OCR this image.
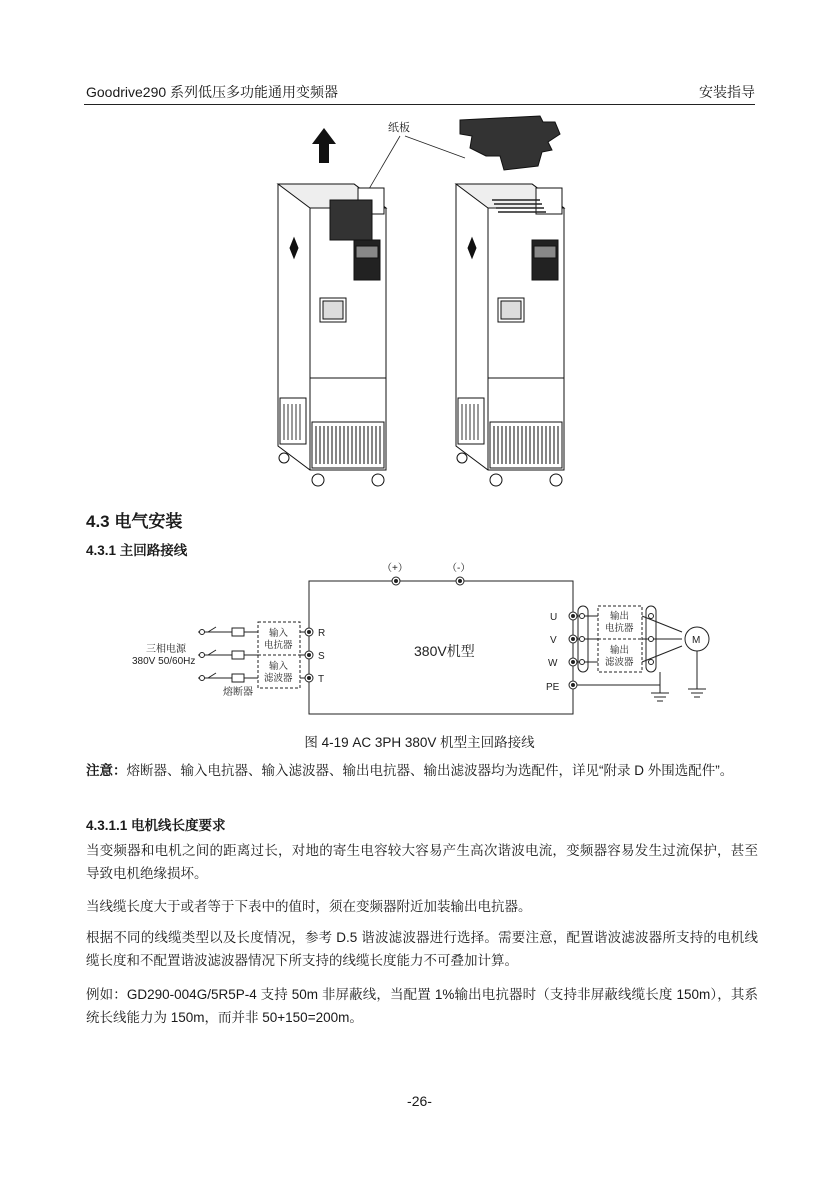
Goodrive290 系列低压多功能通用变频器	安装指导
纸板
4.3 电气安装
4.3.1 主回路接线
（+）	（-）
380V机型
三相电源
380V 50/60Hz
熔断器
输入
电抗器
输入
滤波器
R
S
T
U
V
W
PE
输出
电抗器
输出
滤波器
M
图 4-19 AC 3PH 380V 机型主回路接线
注意：熔断器、输入电抗器、输入滤波器、输出电抗器、输出滤波器均为选配件，详见“附录 D 外围选配件”。
4.3.1.1 电机线长度要求
当变频器和电机之间的距离过长，对地的寄生电容较大容易产生高次谐波电流，变频器容易发生过流保护，甚至导致电机绝缘损坏。
当线缆长度大于或者等于下表中的值时，须在变频器附近加装输出电抗器。
根据不同的线缆类型以及长度情况，参考 D.5 谐波滤波器进行选择。需要注意，配置谐波滤波器所支持的电机线缆长度和不配置谐波滤波器情况下所支持的线缆长度能力不可叠加计算。
例如：GD290-004G/5R5P-4 支持 50m 非屏蔽线，当配置 1%输出电抗器时（支持非屏蔽线缆长度 150m），其系统长线能力为 150m，而并非 50+150=200m。
-26-
